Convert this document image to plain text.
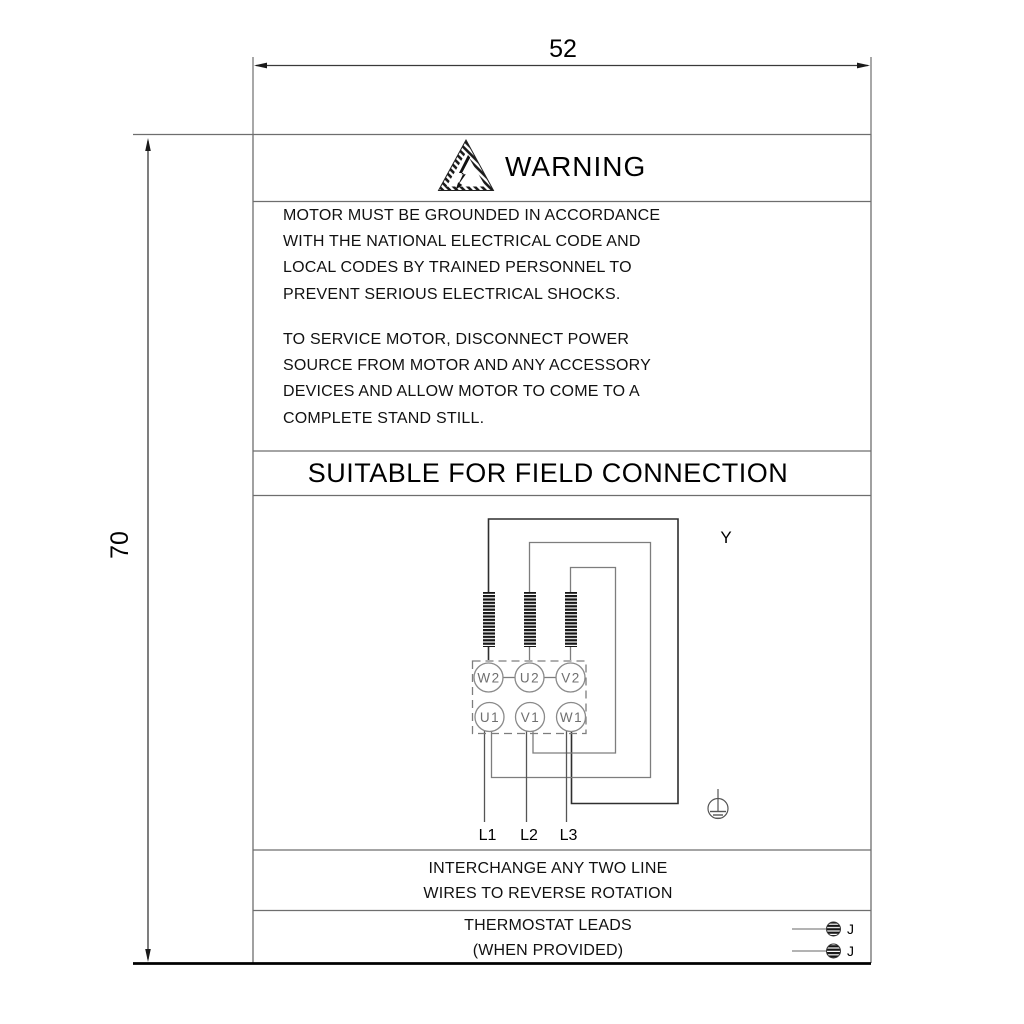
52
70
W2 U2 V2
U1 V1 W1
L1 L2 L3
Y
J
J
WARNING
MOTOR MUST BE GROUNDED IN ACCORDANCE
WITH THE NATIONAL ELECTRICAL CODE AND
LOCAL CODES BY TRAINED PERSONNEL TO
PREVENT SERIOUS ELECTRICAL SHOCKS.
TO SERVICE MOTOR, DISCONNECT POWER
SOURCE FROM MOTOR AND ANY ACCESSORY
DEVICES AND ALLOW MOTOR TO COME TO A
COMPLETE STAND STILL.
SUITABLE FOR FIELD CONNECTION
INTERCHANGE ANY TWO LINE
WIRES TO REVERSE ROTATION
THERMOSTAT LEADS
(WHEN PROVIDED)
